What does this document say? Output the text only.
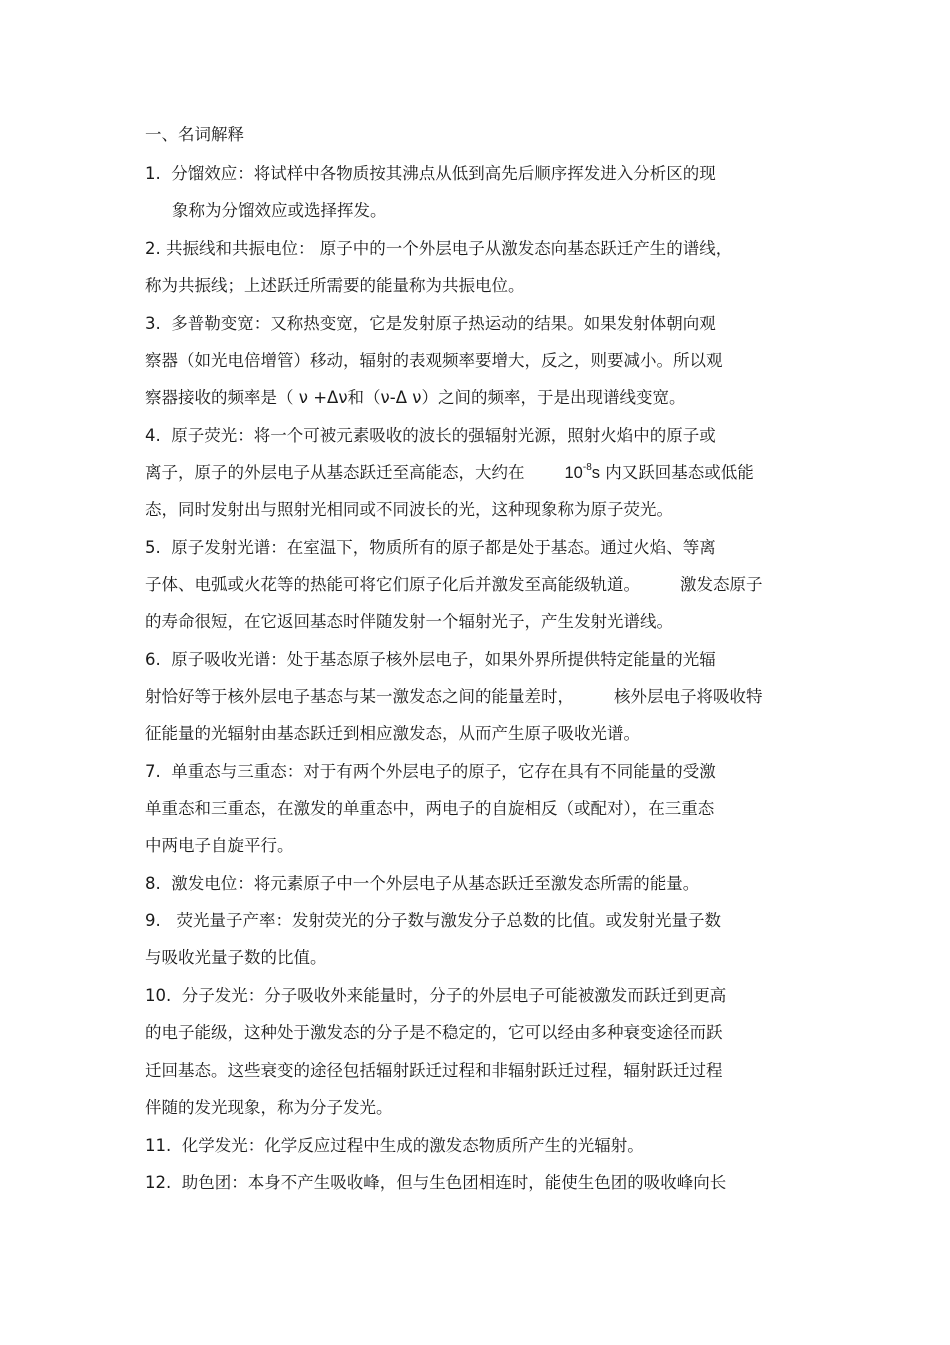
一、名词解释
1. 分馏效应：将试样中各物质按其沸点从低到高先后顺序挥发进入分析区的现
象称为分馏效应或选择挥发。
2. 共振线和共振电位： 原子中的一个外层电子从激发态向基态跃迁产生的谱线，
称为共振线；上述跃迁所需要的能量称为共振电位。
3. 多普勒变宽：又称热变宽，它是发射原子热运动的结果。如果发射体朝向观
察器（如光电倍增管）移动，辐射的表观频率要增大，反之，则要减小。所以观
察器接收的频率是（ ν +Δν和（ν-Δ ν）之间的频率，于是出现谱线变宽。
4. 原子荧光：将一个可被元素吸收的波长的强辐射光源，照射火焰中的原子或
离子，原子的外层电子从基态跃迁至高能态，大约在 $10^{-8}s$ 内又跃回基态或低能
态，同时发射出与照射光相同或不同波长的光，这种现象称为原子荧光。
5. 原子发射光谱：在室温下，物质所有的原子都是处于基态。通过火焰、等离
子体、电弧或火花等的热能可将它们原子化后并激发至高能级轨道。 激发态原子
的寿命很短，在它返回基态时伴随发射一个辐射光子，产生发射光谱线。
6. 原子吸收光谱：处于基态原子核外层电子，如果外界所提供特定能量的光辐
射恰好等于核外层电子基态与某一激发态之间的能量差时， 核外层电子将吸收特
征能量的光辐射由基态跃迁到相应激发态，从而产生原子吸收光谱。
7. 单重态与三重态：对于有两个外层电子的原子，它存在具有不同能量的受激
单重态和三重态，在激发的单重态中，两电子的自旋相反（或配对），在三重态
中两电子自旋平行。
8. 激发电位：将元素原子中一个外层电子从基态跃迁至激发态所需的能量。
9. 荧光量子产率：发射荧光的分子数与激发分子总数的比值。或发射光量子数
与吸收光量子数的比值。
10. 分子发光：分子吸收外来能量时，分子的外层电子可能被激发而跃迁到更高
的电子能级，这种处于激发态的分子是不稳定的，它可以经由多种衰变途径而跃
迁回基态。这些衰变的途径包括辐射跃迁过程和非辐射跃迁过程，辐射跃迁过程
伴随的发光现象，称为分子发光。
11. 化学发光：化学反应过程中生成的激发态物质所产生的光辐射。
12. 助色团：本身不产生吸收峰，但与生色团相连时，能使生色团的吸收峰向长
